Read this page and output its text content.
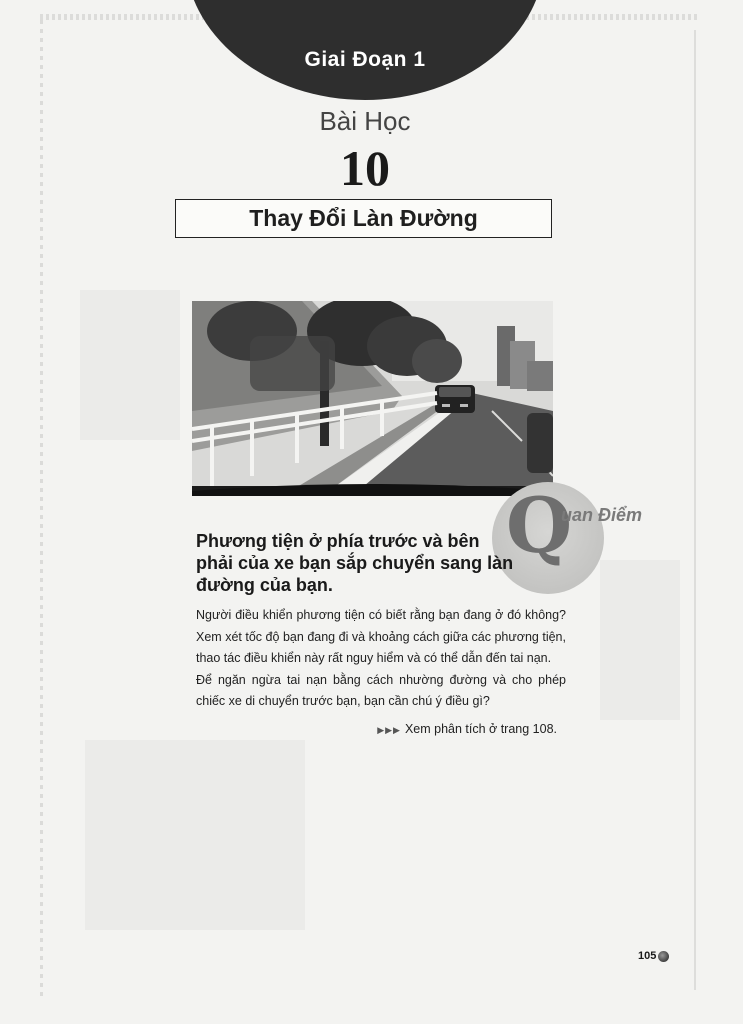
Giai Đoạn 1
Bài Học
10
Thay Đổi Làn Đường
Q
uan Điểm
Phương tiện ở phía trước và bên phải của xe bạn sắp chuyển sang làn đường của bạn.

Người điều khiển phương tiện có biết rằng bạn đang ở đó không? Xem xét tốc độ bạn đang đi và khoảng cách giữa các phương tiện, thao tác điều khiển này rất nguy hiểm và có thể dẫn đến tai nạn.

Để ngăn ngừa tai nạn bằng cách nhường đường và cho phép chiếc xe di chuyển trước bạn, bạn cần chú ý điều gì?

▶▶▶ Xem phân tích ở trang 108.
105
